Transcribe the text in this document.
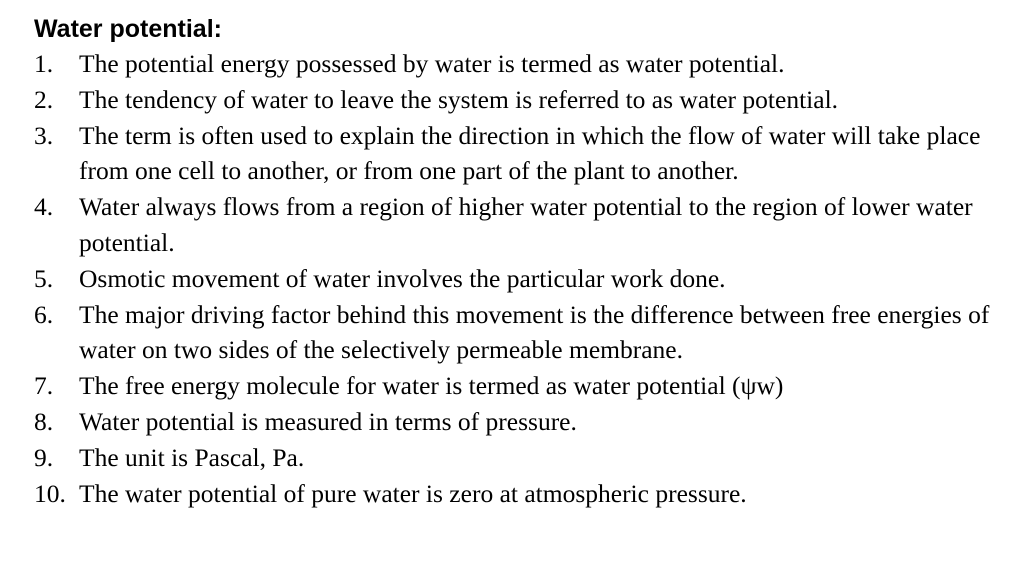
Water potential:
1.	The potential energy possessed by water is termed as water potential.
2.	The tendency of water to leave the system is referred to as water potential.
3.	The term is often used to explain the direction in which the flow of water will take place from one cell to another, or from one part of the plant to another.
4.	Water always flows from a region of higher water potential to the region of lower water potential.
5.	Osmotic movement of water involves the particular work done.
6.	The major driving factor behind this movement is the difference between free energies of water on two sides of the selectively permeable membrane.
7.	The free energy molecule for water is termed as water potential (ψw)
8.	Water potential is measured in terms of pressure.
9.	The unit is Pascal, Pa.
10. The water potential of pure water is zero at atmospheric pressure.
